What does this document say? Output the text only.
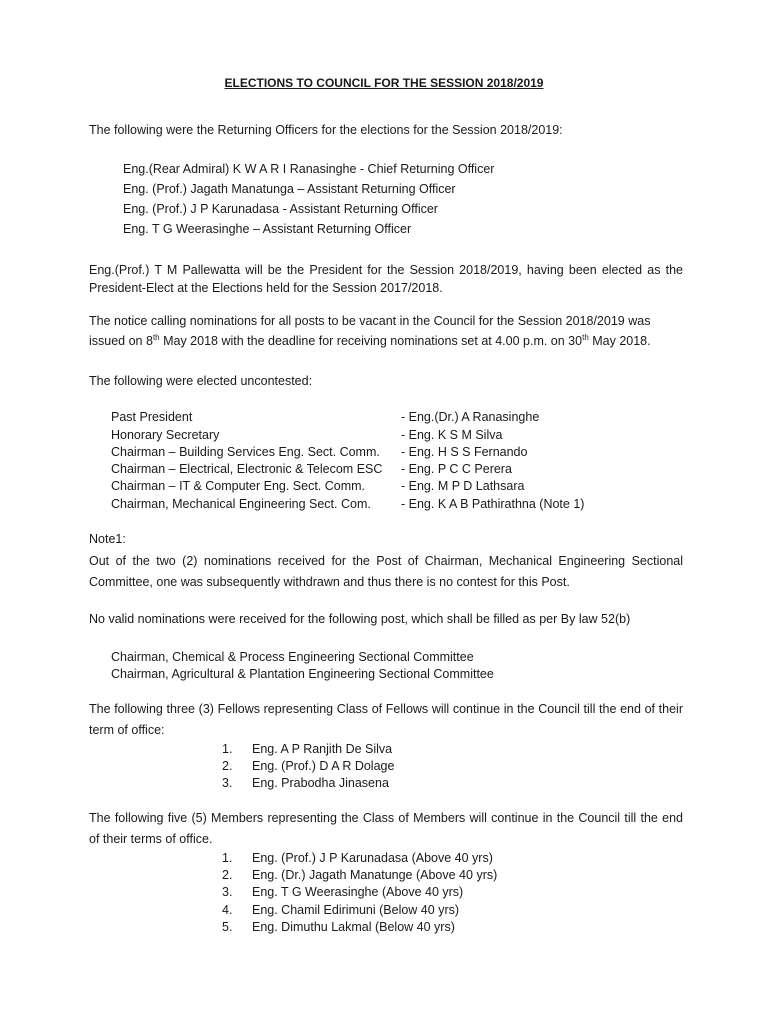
ELECTIONS TO COUNCIL FOR THE SESSION 2018/2019
The following were the Returning Officers for the elections for the Session 2018/2019:
Eng.(Rear Admiral) K W A R I Ranasinghe - Chief Returning Officer
Eng. (Prof.) Jagath Manatunga – Assistant Returning Officer
Eng. (Prof.) J P Karunadasa - Assistant Returning Officer
Eng. T G Weerasinghe – Assistant Returning Officer
Eng.(Prof.) T M Pallewatta will be the President for the Session 2018/2019, having been elected as the President-Elect at the Elections held for the Session 2017/2018.
The notice calling nominations for all posts to be vacant in the Council for the Session 2018/2019 was
issued on 8th May 2018 with the deadline for receiving nominations set at 4.00 p.m. on 30th May 2018.
The following were elected uncontested:
Past President	- Eng.(Dr.) A Ranasinghe
Honorary Secretary	- Eng. K S M Silva
Chairman – Building Services Eng. Sect. Comm. - Eng. H S S Fernando
Chairman – Electrical, Electronic & Telecom ESC - Eng. P C C Perera
Chairman – IT & Computer Eng. Sect. Comm.	- Eng. M P D Lathsara
Chairman, Mechanical Engineering Sect. Com. - Eng. K A B Pathirathna (Note 1)
Note1:
Out of the two (2) nominations received for the Post of Chairman, Mechanical Engineering Sectional Committee, one was subsequently withdrawn and thus there is no contest for this Post.
No valid nominations were received for the following post, which shall be filled as per By law 52(b)
Chairman, Chemical & Process Engineering Sectional Committee
Chairman, Agricultural & Plantation Engineering Sectional Committee
The following three (3) Fellows representing Class of Fellows will continue in the Council till the end of their term of office:
1. Eng. A P Ranjith De Silva
2. Eng. (Prof.) D A R Dolage
3. Eng. Prabodha Jinasena
The following five (5) Members representing the Class of Members will continue in the Council till the end of their terms of office.
1. Eng. (Prof.) J P Karunadasa (Above 40 yrs)
2. Eng. (Dr.) Jagath Manatunge (Above 40 yrs)
3. Eng. T G Weerasinghe (Above 40 yrs)
4. Eng. Chamil Edirimuni (Below 40 yrs)
5. Eng. Dimuthu Lakmal (Below 40 yrs)
